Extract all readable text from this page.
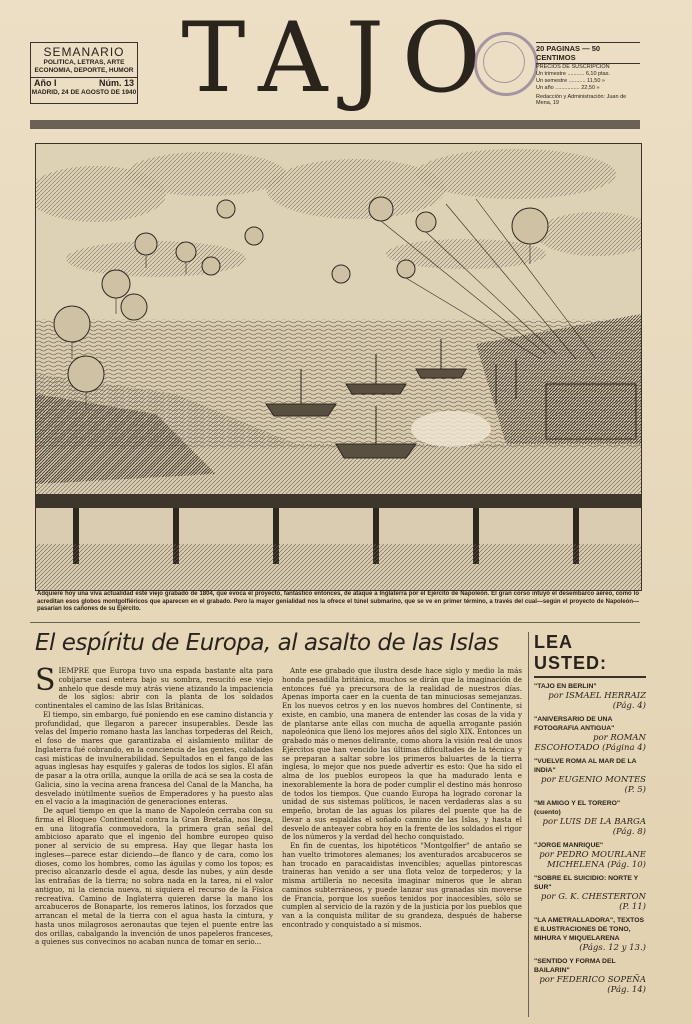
SEMANARIO
POLITICA, LETRAS, ARTE
ECONOMIA, DEPORTE, HUMOR
Año I	Núm. 13
MADRID, 24 DE AGOSTO DE 1940 TAJO	20 PAGINAS — 50 CENTIMOS
PRECIOS DE SUSCRIPCION
Un trimestre ........... 6,10 ptas.
Un semestre ........... 11,50 »
Un año ................ 22,50 »
Redacción y Administración: Juan de Mena, 19
Adquiere hoy una viva actualidad este viejo grabado de 1804, que evoca el proyecto, fantástico entonces, de ataque a Inglaterra por el Ejército de Napoleón. El gran corso intuyó el desembarco aéreo, como lo acreditan esos globos montgolfiéricos que aparecen en el grabado. Pero la mayor genialidad nos la ofrece el túnel submarino, que se ve en primer término, a través del cual—según el proyecto de Napoleón—pasarían los cañones de su Ejército.
El espíritu de Europa, al asalto de las Islas
S IEMPRE que Europa tuvo una espada bastante alta para cobijarse casi entera bajo su sombra, resucitó ese viejo anhelo que desde muy atrás viene atizando la impaciencia de los siglos: abrir con la planta de los soldados continentales el camino de las Islas Británicas.

El tiempo, sin embargo, fué poniendo en ese camino distancia y profundidad, que llegaron a parecer insuperables. Desde las velas del Imperio romano hasta las lanchas torpederas del Reich, el foso de mares que garantizaba el aislamiento militar de Inglaterra fué cobrando, en la conciencia de las gentes, calidades casi místicas de invulnerabilidad. Sepultados en el fango de las aguas inglesas hay esquifes y galeras de todos los siglos. El afán de pasar a la otra orilla, aunque la orilla de acá se sea la costa de Galicia, sino la vecina arena francesa del Canal de la Mancha, ha desvelado inútilmente sueños de Emperadores y ha puesto alas en el vacío a la imaginación de generaciones enteras.

De aquel tiempo en que la mano de Napoleón cerraba con su firma el Bloqueo Continental contra la Gran Bretaña, nos llega, en una litografía conmovedora, la primera gran señal del ambicioso aparato que el ingenio del hombre europeo quiso poner al servicio de su empresa. Hay que llegar hasta los ingleses—parece estar diciendo—de flanco y de cara, como los dioses, como los hombres, como las águilas y como los topos; es preciso alcanzarlo desde el agua, desde las nubes, y aún desde las entrañas de la tierra; no sobra nada en la tarea, ni el valor antiguo, ni la ciencia nueva, ni siquiera el recurso de la Física recreativa. Camino de Inglaterra quieren darse la mano los arcabuceros de Bonaparte, los remeros latinos, los forzados que arrancan el metal de la tierra con el agua hasta la cintura, y hasta unos milagrosos aeronautas que tejen el puente entre las dos orillas, cabalgando la invención de unos papeleros franceses, a quienes sus convecinos no acaban nunca de tomar en serio...

Ante ese grabado que ilustra desde hace siglo y medio la más honda pesadilla británica, muchos se dirán que la imaginación de entonces fué ya precursora de la realidad de nuestros días. Apenas importa caer en la cuenta de tan minuciosas semejanzas. En los nuevos cetros y en los nuevos hombres del Continente, si existe, en cambio, una manera de entender las cosas de la vida y de plantarse ante ellas con mucha de aquella arrogante pasión napoleónica que llenó los mejores años del siglo XIX. Entonces un grabado más o menos delirante, como ahora la visión real de unos Ejércitos que han vencido las últimas dificultades de la técnica y se preparan a saltar sobre los primeros baluartes de la tierra inglesa, lo mejor que nos puede advertir es esto: Que ha sido el alma de los pueblos europeos la que ha madurado lenta e inexorablemente la hora de poder cumplir el destino más honroso de todos los tiempos. Que cuando Europa ha logrado coronar la unidad de sus sistemas políticos, le nacen verdaderas alas a su empeño, brotan de las aguas los pilares del puente que ha de llevar a sus espaldas el soñado camino de las Islas, y hasta el desvelo de anteayer cobra hoy en la frente de los soldados el rigor de los números y la verdad del hecho conquistado.

En fin de cuentas, los hipotéticos "Montgolfier" de antaño se han vuelto trimotores alemanes; los aventurados arcabuceros se han trocado en paracaidistas invencibles; aquellas pintorescas traineras han venido a ser una flota veloz de torpederos; y la misma artillería no necesita imaginar mineros que le abran caminos subterráneos, y puede lanzar sus granadas sin moverse de Francia, porque los sueños tenidos por inaccesibles, sólo se cumplen al servicio de la razón y de la justicia por los pueblos que van a la conquista militar de su grandeza, después de haberse encontrado y conquistado a sí mismos.

LEA USTED:
"TAJO EN BERLIN"
por ISMAEL HERRAIZ (Pág. 4)
"ANIVERSARIO DE UNA FOTOGRAFIA ANTIGUA"
por ROMAN ESCOHOTADO (Página 4)
"VUELVE ROMA AL MAR DE LA INDIA"
por EUGENIO MONTES (P. 5)
"MI AMIGO Y EL TORERO" (cuento)
por LUIS DE LA BARGA (Pág. 8)
"JORGE MANRIQUE"
por PEDRO MOURLANE MICHELENA (Pág. 10)
"SOBRE EL SUICIDIO: NORTE Y SUR"
por G. K. CHESTERTON (P. 11)
"LA AMETRALLADORA", TEXTOS E ILUSTRACIONES DE TONO, MIHURA Y MIQUELARENA
(Págs. 12 y 13.)
"SENTIDO Y FORMA DEL BAILARIN"
por FEDERICO SOPEÑA (Pág. 14)
